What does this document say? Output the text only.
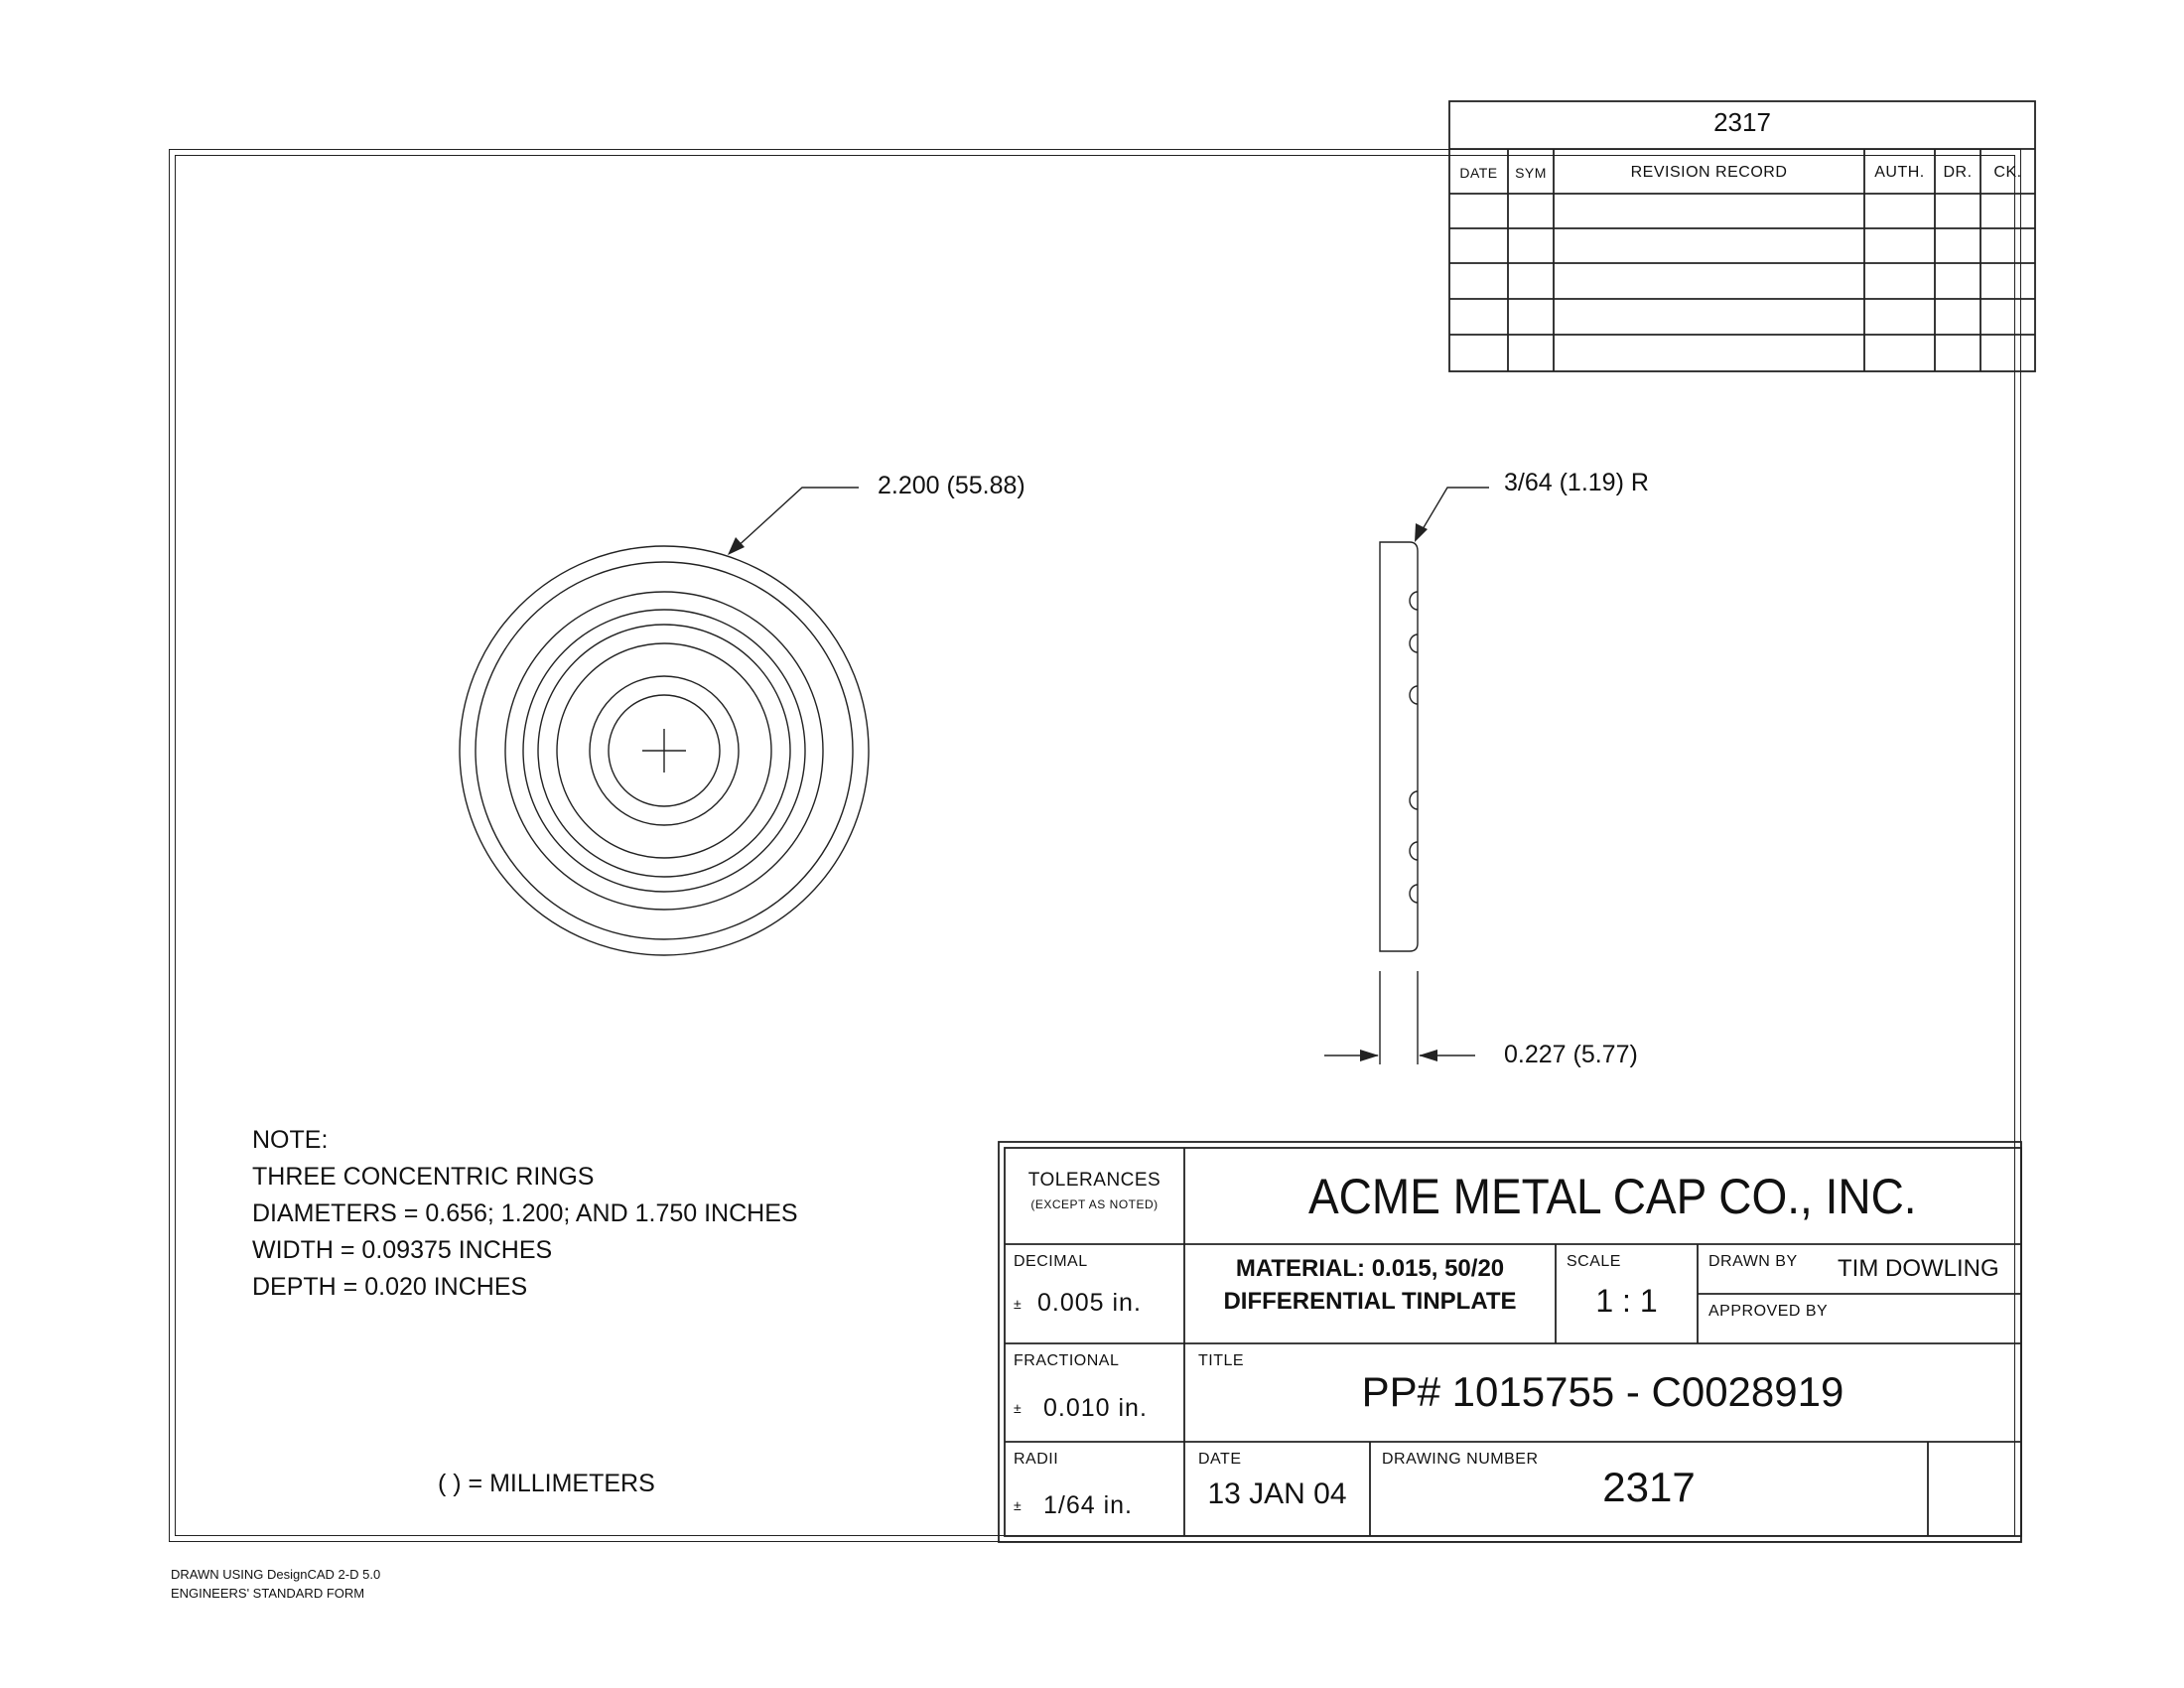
2317
DATE	SYM	REVISION RECORD	AUTH.	DR.	CK.
2.200 (55.88)	3/64 (1.19) R
0.227 (5.77)
NOTE:
THREE CONCENTRIC RINGS
DIAMETERS = 0.656; 1.200; AND 1.750 INCHES
WIDTH = 0.09375 INCHES
DEPTH = 0.020 INCHES
( ) = MILLIMETERS
TOLERANCES
(EXCEPT AS NOTED)	ACME METAL CAP CO., INC.
DECIMAL
± 0.005 in.
MATERIAL: 0.015, 50/20
DIFFERENTIAL TINPLATE
SCALE
1 : 1
DRAWN BY TIM DOWLING
APPROVED BY
FRACTIONAL
± 0.010 in.
TITLE
PP# 1015755 - C0028919
RADII
± 1/64 in.
DATE
13 JAN 04
DRAWING NUMBER
2317
DRAWN USING DesignCAD 2-D 5.0
ENGINEERS' STANDARD FORM
